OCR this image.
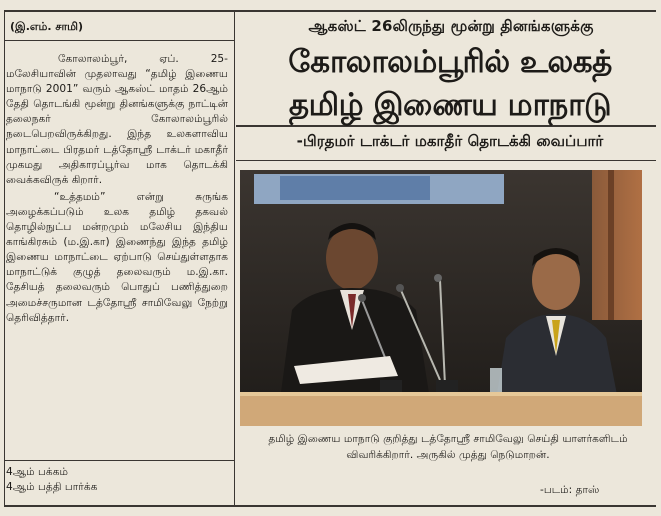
(இ.எம். சாமி)

கோலாலம்பூர், ஏப். 25- மலேசியாவின் முதலாவது “தமிழ் இணைய மாநாடு 2001” வரும் ஆகஸ்ட் மாதம் 26ஆம் தேதி தொடங்கி மூன்று தினங்களுக்கு நாட்டின் தலைநகர் கோலாலம்பூரில் நடைபெறவிருக்கிறது. இந்த உலகளாவிய மாநாட்டை பிரதமர் டத்தோஸ்ரீ டாக்டர் மகாதீர் முகமது அதிகாரப்பூர்வ மாக தொடக்கி வைக்கவிருக் கிறார்.

“உத்தமம்” என்று சுருங்க அழைக்கப்படும் உலக தமிழ் தகவல் தொழில்நுட்ப மன்றமும் மலேசிய இந்திய காங்கிரசும் (ம.இ.கா) இணைந்து இந்த தமிழ் இணைய மாநாட்டை ஏற்பாடு செய்துள்ளதாக மாநாட்டுக் குழுத் தலைவரும் ம.இ.கா. தேசியத் தலைவரும் பொதுப் பணித்துறை அமைச்சருமான டத்தோஸ்ரீ சாமிவேலு நேற்று தெரிவித்தார்.

4ஆம் பக்கம்
4ஆம் பத்தி பார்க்க
ஆகஸ்ட் 26லிருந்து மூன்று தினங்களுக்கு
கோலாலம்பூரில் உலகத்
தமிழ் இணைய மாநாடு
-பிரதமர் டாக்டர் மகாதீர் தொடக்கி வைப்பார்
தமிழ் இணைய மாநாடு குறித்து டத்தோஸ்ரீ சாமிவேலு செய்தி யாளர்களிடம் விவரிக்கிறார். அருகில் முத்து நெடுமாறன்.
-படம்: தாஸ்
